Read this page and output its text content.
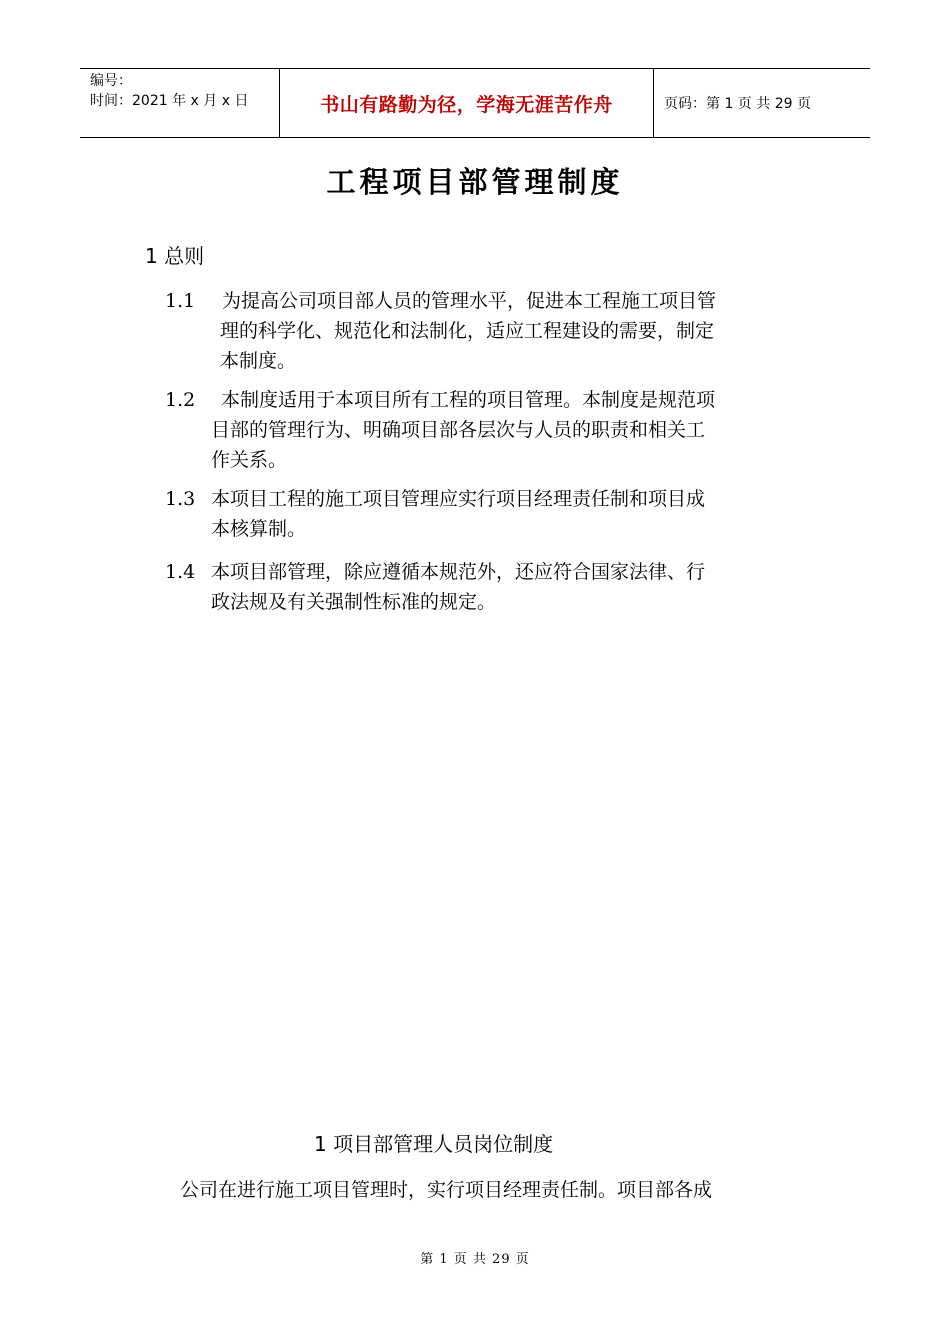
编号：
时间：2021 年 x 月 x 日	书山有路勤为径，学海无涯苦作舟	页码：第 1 页 共 29 页
工程项目部管理制度
1 总则
1.1 为提高公司项目部人员的管理水平，促进本工程施工项目管
理的科学化、规范化和法制化，适应工程建设的需要，制定
本制度。
1.2 本制度适用于本项目所有工程的项目管理。本制度是规范项
目部的管理行为、明确项目部各层次与人员的职责和相关工
作关系。
1.3 本项目工程的施工项目管理应实行项目经理责任制和项目成
本核算制。
1.4 本项目部管理，除应遵循本规范外，还应符合国家法律、行
政法规及有关强制性标准的规定。
1 项目部管理人员岗位制度
公司在进行施工项目管理时，实行项目经理责任制。项目部各成
第 1 页 共 29 页
